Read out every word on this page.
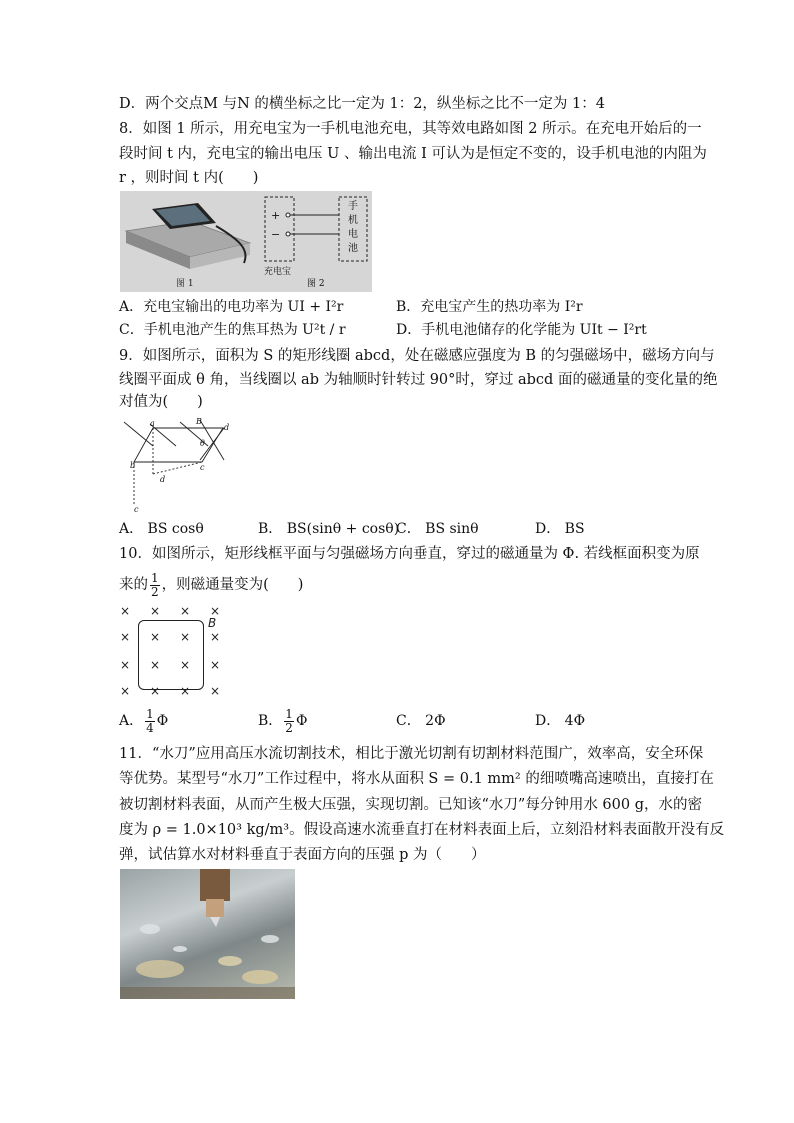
D．两个交点M 与N 的横坐标之比一定为 1：2，纵坐标之比不一定为 1：4
8．如图 1 所示，用充电宝为一手机电池充电，其等效电路如图 2 所示。在充电开始后的一
段时间 t 内，充电宝的输出电压 U 、输出电流 I 可认为是恒定不变的，设手机电池的内阻为
r ，则时间 t 内(　　)
图 1
+
−
手
机
电
池
充电宝
图 2
A．充电宝输出的电功率为 UI + I²r	B．充电宝产生的热功率为 I²r
C．手机电池产生的焦耳热为 U²t / r	D．手机电池储存的化学能为 UIt − I²rt
9．如图所示，面积为 S 的矩形线圈 abcd，处在磁感应强度为 B 的匀强磁场中，磁场方向与
线圈平面成 θ 角，当线圈以 ab 为轴顺时针转过 90°时，穿过 abcd 面的磁通量的变化量的绝
对值为(　　)
a
b	c
d
B
θ
d
c
A． BS cosθ	B． BS(sinθ + cosθ)
C． BS sinθ	D． BS
10．如图所示，矩形线框平面与匀强磁场方向垂直，穿过的磁通量为 Φ. 若线框面积变为原
来的 $\frac{1}{2}$ ，则磁通量变为(　　)
× × × ×
B
× × × ×
× × × ×
× × × ×
A． $\frac{1}{4}$ Φ	B． $\frac{1}{2}$ Φ	C． 2Φ	D． 4Φ
11．“水刀”应用高压水流切割技术，相比于激光切割有切割材料范围广，效率高，安全环保
等优势。某型号“水刀”工作过程中，将水从面积 S = 0.1 mm² 的细喷嘴高速喷出，直接打在
被切割材料表面，从而产生极大压强，实现切割。已知该“水刀”每分钟用水 600 g，水的密
度为 ρ = 1.0×10³ kg/m³。假设高速水流垂直打在材料表面上后，立刻沿材料表面散开没有反
弹，试估算水对材料垂直于表面方向的压强 p 为（　　）
